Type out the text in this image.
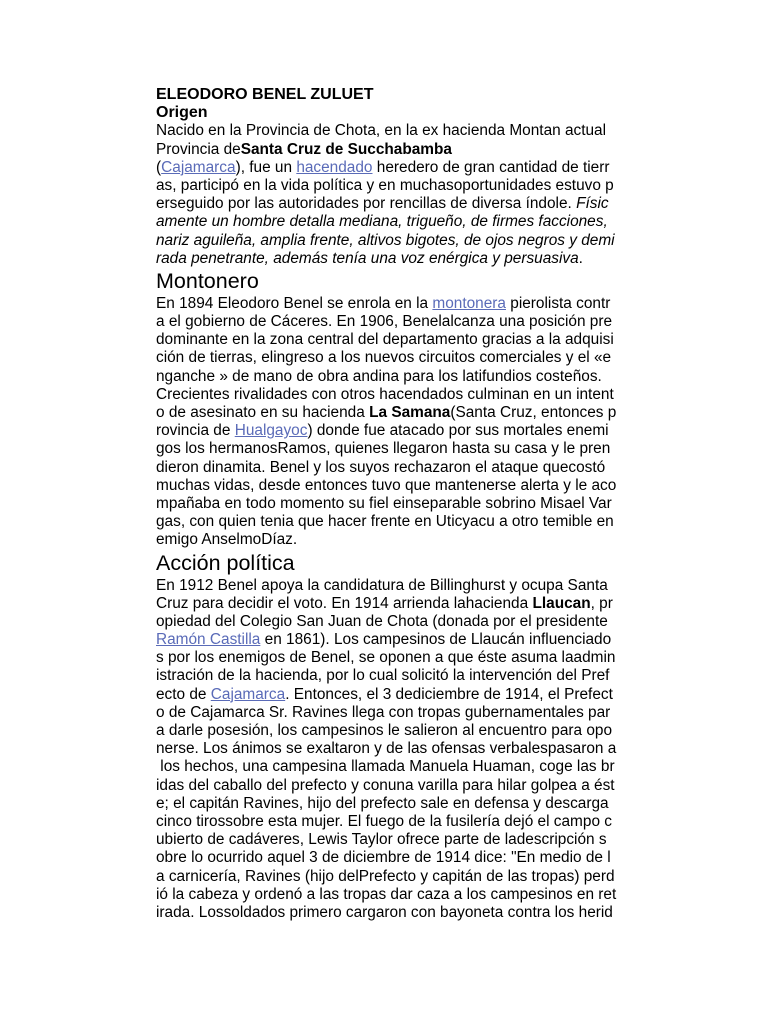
ELEODORO BENEL ZULUET
Origen
Nacido en la Provincia de Chota, en la ex hacienda Montan actual
Provincia deSanta Cruz de Succhabamba
(Cajamarca), fue un hacendado heredero de gran cantidad de tierr
as, participó en la vida política y en muchasoportunidades estuvo p
erseguido por las autoridades por rencillas de diversa índole. Físic
amente un hombre detalla mediana, trigueño, de firmes facciones,
nariz aguileña, amplia frente, altivos bigotes, de ojos negros y demi
rada penetrante, además tenía una voz enérgica y persuasiva.
Montonero
En 1894 Eleodoro Benel se enrola en la montonera pierolista contr
a el gobierno de Cáceres. En 1906, Benelalcanza una posición pre
dominante en la zona central del departamento gracias a la adquisi
ción de tierras, elingreso a los nuevos circuitos comerciales y el «e
nganche » de mano de obra andina para los latifundios costeños.
Crecientes rivalidades con otros hacendados culminan en un intent
o de asesinato en su hacienda La Samana(Santa Cruz, entonces p
rovincia de Hualgayoc) donde fue atacado por sus mortales enemi
gos los hermanosRamos, quienes llegaron hasta su casa y le pren
dieron dinamita. Benel y los suyos rechazaron el ataque quecostó
muchas vidas, desde entonces tuvo que mantenerse alerta y le aco
mpañaba en todo momento su fiel einseparable sobrino Misael Var
gas, con quien tenia que hacer frente en Uticyacu a otro temible en
emigo AnselmoDíaz.
Acción política
En 1912 Benel apoya la candidatura de Billinghurst y ocupa Santa
Cruz para decidir el voto. En 1914 arrienda lahacienda Llaucan, pr
opiedad del Colegio San Juan de Chota (donada por el presidente
Ramón Castilla en 1861). Los campesinos de Llaucán influenciado
s por los enemigos de Benel, se oponen a que éste asuma laadmin
istración de la hacienda, por lo cual solicitó la intervención del Pref
ecto de Cajamarca. Entonces, el 3 dediciembre de 1914, el Prefect
o de Cajamarca Sr. Ravines llega con tropas gubernamentales par
a darle posesión, los campesinos le salieron al encuentro para opo
nerse. Los ánimos se exaltaron y de las ofensas verbalespasaron a
los hechos, una campesina llamada Manuela Huaman, coge las br
idas del caballo del prefecto y conuna varilla para hilar golpea a ést
e; el capitán Ravines, hijo del prefecto sale en defensa y descarga
cinco tirossobre esta mujer. El fuego de la fusilería dejó el campo c
ubierto de cadáveres, Lewis Taylor ofrece parte de ladescripción s
obre lo ocurrido aquel 3 de diciembre de 1914 dice: "En medio de l
a carnicería, Ravines (hijo delPrefecto y capitán de las tropas) perd
ió la cabeza y ordenó a las tropas dar caza a los campesinos en ret
irada. Lossoldados primero cargaron con bayoneta contra los herid
